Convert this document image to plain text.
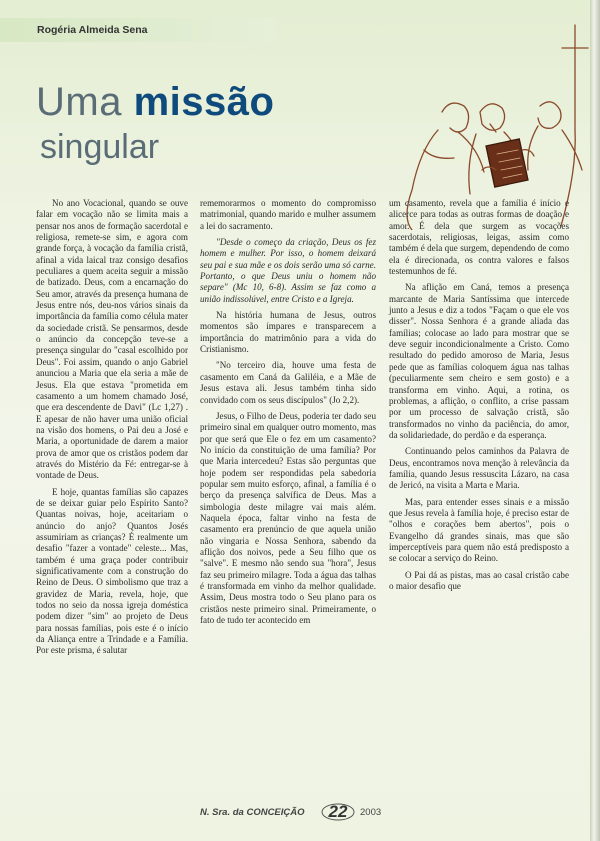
Rogéria Almeida Sena
Uma missão
singular

No ano Vocacional, quando se ouve falar em vocação não se limita mais a pensar nos anos de formação sacerdotal e religiosa, remete-se sim, e agora com grande força, à vocação da família cristã, afinal a vida laical traz consigo desafios peculiares a quem aceita seguir a missão de batizado. Deus, com a encarnação do Seu amor, através da presença humana de Jesus entre nós, deu-nos vários sinais da importância da família como célula mater da sociedade cristã. Se pensarmos, desde o anúncio da concepção teve-se a presença singular do "casal escolhido por Deus". Foi assim, quando o anjo Gabriel anunciou a Maria que ela seria a mãe de Jesus. Ela que estava "prometida em casamento a um homem chamado José, que era descendente de Davi" (Lc 1,27) . E apesar de não haver uma união oficial na visão dos homens, o Pai deu a José e Maria, a oportunidade de darem a maior prova de amor que os cristãos podem dar através do Mistério da Fé: entregar-se à vontade de Deus.

E hoje, quantas famílias são capazes de se deixar guiar pelo Espírito Santo? Quantas noivas, hoje, aceitariam o anúncio do anjo? Quantos Josés assumiriam as crianças? É realmente um desafio "fazer a vontade" celeste... Mas, também é uma graça poder contribuir significativamente com a construção do Reino de Deus. O simbolismo que traz a gravidez de Maria, revela, hoje, que todos no seio da nossa igreja doméstica podem dizer "sim" ao projeto de Deus para nossas famílias, pois este é o início da Aliança entre a Trindade e a Família. Por este prisma, é salutar

rememorarmos o momento do compromisso matrimonial, quando marido e mulher assumem a lei do sacramento.

"Desde o começo da criação, Deus os fez homem e mulher. Por isso, o homem deixará seu pai e sua mãe e os dois serão uma só carne. Portanto, o que Deus uniu o homem não separe" (Mc 10, 6-8). Assim se faz como a união indissolúvel, entre Cristo e a Igreja.

Na história humana de Jesus, outros momentos são ímpares e transparecem a importância do matrimônio para a vida do Cristianismo.

"No terceiro dia, houve uma festa de casamento em Caná da Galiléia, e a Mãe de Jesus estava ali. Jesus também tinha sido convidado com os seus discípulos" (Jo 2,2).

Jesus, o Filho de Deus, poderia ter dado seu primeiro sinal em qualquer outro momento, mas por que será que Ele o fez em um casamento? No início da constituição de uma família? Por que Maria intercedeu? Estas são perguntas que hoje podem ser respondidas pela sabedoria popular sem muito esforço, afinal, a família é o berço da presença salvífica de Deus. Mas a simbologia deste milagre vai mais além. Naquela época, faltar vinho na festa de casamento era prenúncio de que aquela união não vingaria e Nossa Senhora, sabendo da aflição dos noivos, pede a Seu filho que os "salve". E mesmo não sendo sua "hora", Jesus faz seu primeiro milagre. Toda a água das talhas é transformada em vinho da melhor qualidade. Assim, Deus mostra todo o Seu plano para os cristãos neste primeiro sinal. Primeiramente, o fato de tudo ter acontecido em

um casamento, revela que a família é início e alicerce para todas as outras formas de doação e amor. É dela que surgem as vocações sacerdotais, religiosas, leigas, assim como também é dela que surgem, dependendo de como ela é direcionada, os contra valores e falsos testemunhos de fé.

Na aflição em Caná, temos a presença marcante de Maria Santíssima que intercede junto a Jesus e diz a todos "Façam o que ele vos disser". Nossa Senhora é a grande aliada das famílias; colocase ao lado para mostrar que se deve seguir incondicionalmente a Cristo. Como resultado do pedido amoroso de Maria, Jesus pede que as famílias coloquem água nas talhas (peculiarmente sem cheiro e sem gosto) e a transforma em vinho. Aqui, a rotina, os problemas, a aflição, o conflito, a crise passam por um processo de salvação cristã, são transformados no vinho da paciência, do amor, da solidariedade, do perdão e da esperança.

Continuando pelos caminhos da Palavra de Deus, encontramos nova menção à relevância da família, quando Jesus ressuscita Lázaro, na casa de Jericó, na visita a Marta e Maria.

Mas, para entender esses sinais e a missão que Jesus revela à família hoje, é preciso estar de "olhos e corações bem abertos", pois o Evangelho dá grandes sinais, mas que são imperceptíveis para quem não está predisposto a se colocar a serviço do Reino.

O Pai dá as pistas, mas ao casal cristão cabe o maior desafio que

N. Sra. da CONCEIÇÃO	22	2003
